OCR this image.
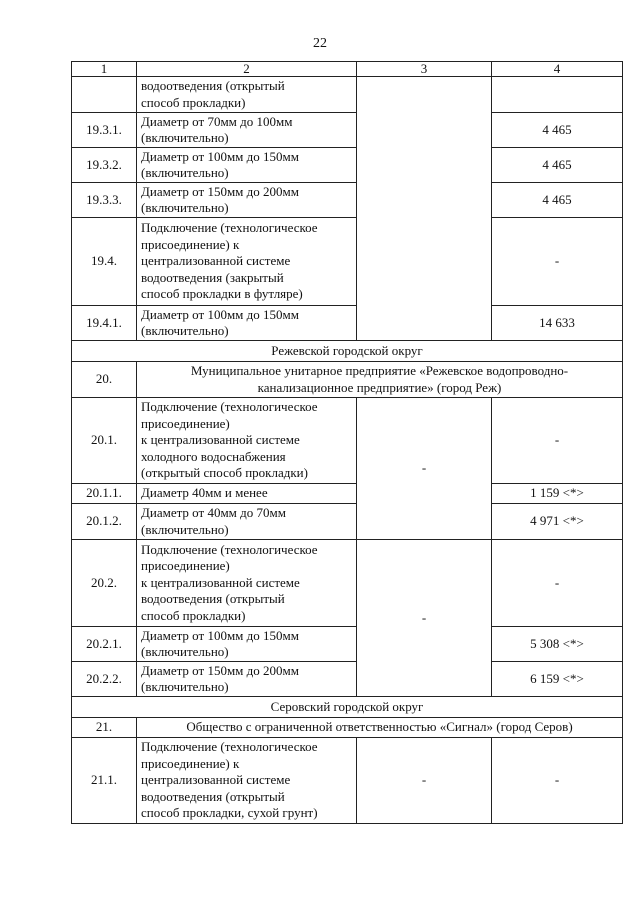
22
1	2	3	4
	водоотведения (открытый
способ прокладки)		
19.3.1.	Диаметр от 70мм до 100мм
(включительно)		4 465
19.3.2.	Диаметр от 100мм до 150мм
(включительно)		4 465
19.3.3.	Диаметр от 150мм до 200мм
(включительно)		4 465
19.4.	Подключение (технологическое
присоединение) к
централизованной системе
водоотведения (закрытый
способ прокладки в футляре)		-
19.4.1.	Диаметр от 100мм до 150мм
(включительно)		14 633
Режевской городской округ			
20.	Муниципальное унитарное предприятие «Режевское водопроводно-
канализационное предприятие» (город Реж)		
20.1.	Подключение (технологическое
присоединение)
к централизованной системе
холодного водоснабжения
(открытый способ прокладки)	-	-
20.1.1.	Диаметр 40мм и менее		1 159 <*>
20.1.2.	Диаметр от 40мм до 70мм
(включительно)		4 971 <*>
20.2.	Подключение (технологическое
присоединение)
к централизованной системе
водоотведения (открытый
способ прокладки)	-	-
20.2.1.	Диаметр от 100мм до 150мм
(включительно)		5 308 <*>
20.2.2.	Диаметр от 150мм до 200мм
(включительно)		6 159 <*>
Серовский городской округ			
21.	Общество с ограниченной ответственностью «Сигнал» (город Серов)		
21.1.	Подключение (технологическое
присоединение) к
централизованной системе
водоотведения (открытый
способ прокладки, сухой грунт)	-	-
